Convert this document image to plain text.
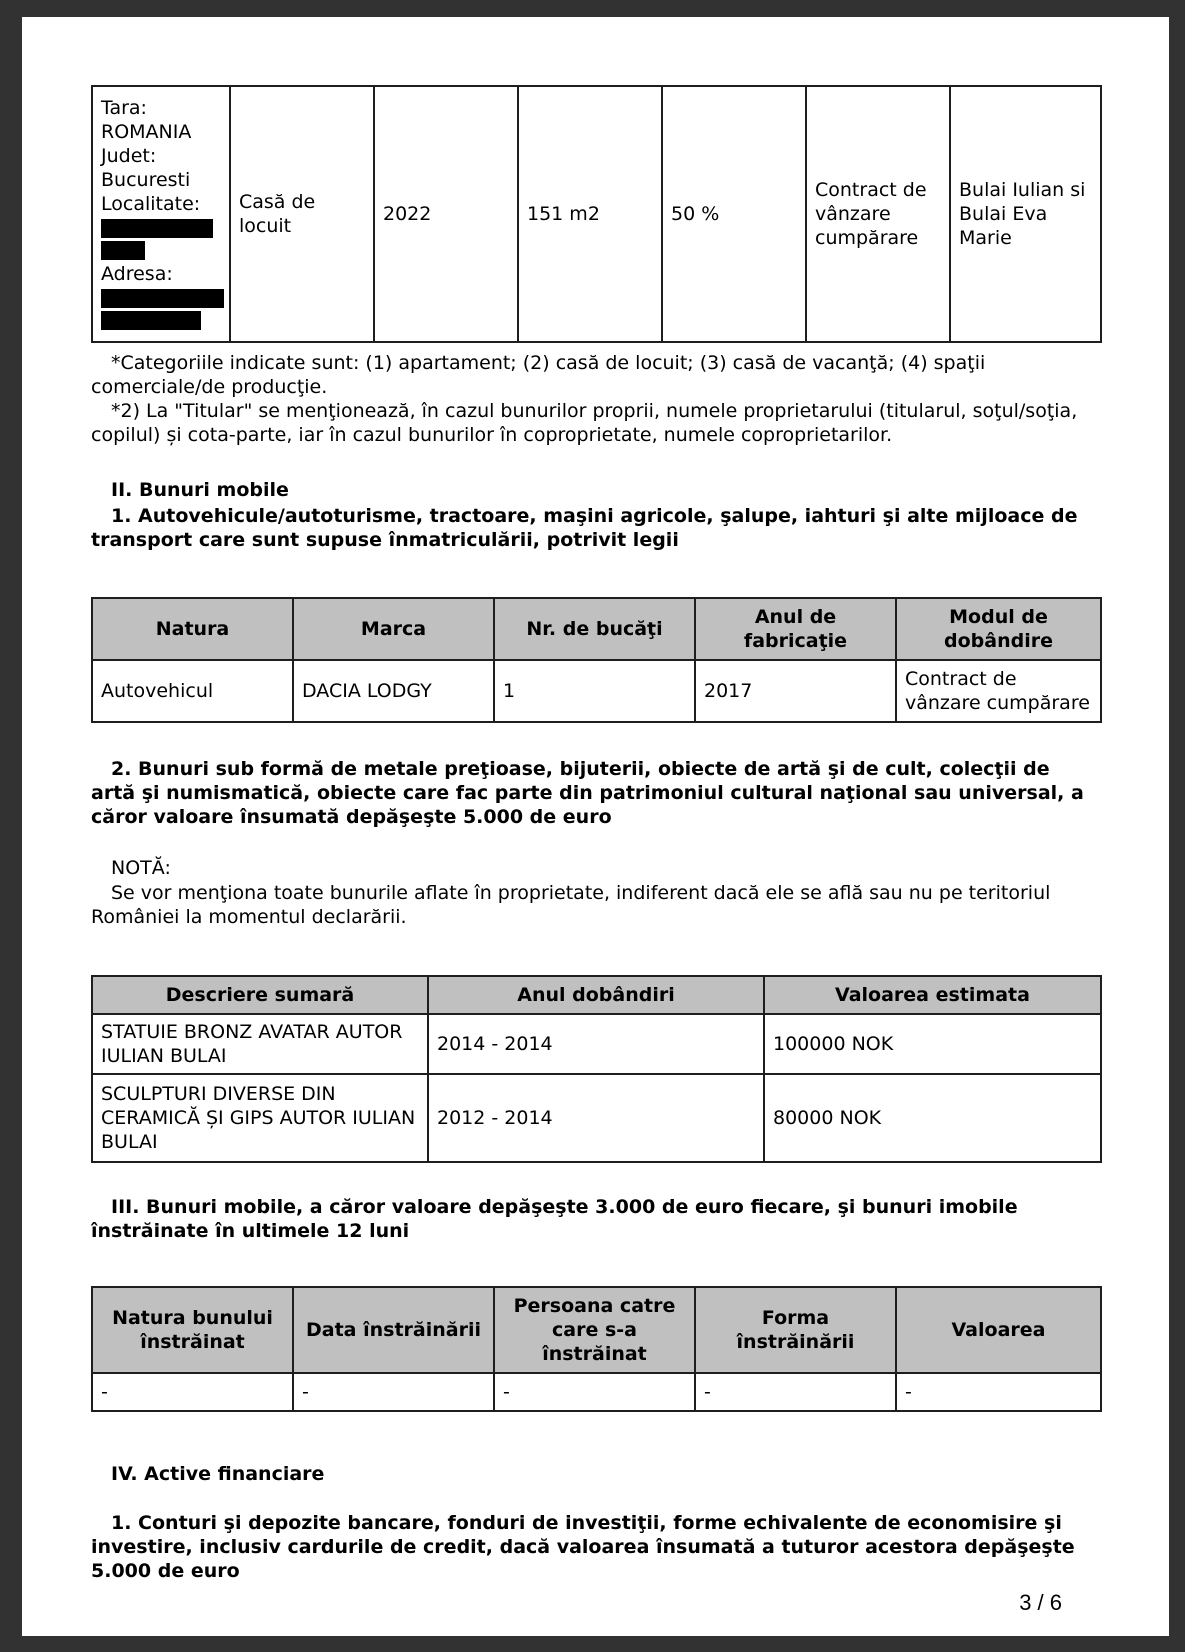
Tara:
ROMANIA
Judet:
Bucuresti
Localitate:
Adresa:
	Casă de locuit	2022	151 m2	50 %	Contract de vânzare cumpărare	Bulai Iulian si Bulai Eva Marie
*Categoriile indicate sunt: (1) apartament; (2) casă de locuit; (3) casă de vacanţă; (4) spaţii comerciale/de producţie.
*2) La "Titular" se menţionează, în cazul bunurilor proprii, numele proprietarului (titularul, soţul/soţia, copilul) și cota-parte, iar în cazul bunurilor în coproprietate, numele coproprietarilor.
II. Bunuri mobile
1. Autovehicule/autoturisme, tractoare, maşini agricole, şalupe, iahturi şi alte mijloace de transport care sunt supuse înmatriculării, potrivit legii
Natura	Marca	Nr. de bucăţi	Anul de fabricaţie	Modul de dobândire
Autovehicul	DACIA LODGY	1	2017	Contract de vânzare cumpărare
2. Bunuri sub formă de metale preţioase, bijuterii, obiecte de artă şi de cult, colecţii de artă şi numismatică, obiecte care fac parte din patrimoniul cultural naţional sau universal, a căror valoare însumată depăşeşte 5.000 de euro
NOTĂ:
Se vor menţiona toate bunurile aflate în proprietate, indiferent dacă ele se află sau nu pe teritoriul României la momentul declarării.
Descriere sumară	Anul dobândiri	Valoarea estimata
STATUIE BRONZ AVATAR AUTOR IULIAN BULAI	2014 - 2014	100000 NOK
SCULPTURI DIVERSE DIN CERAMICĂ ȘI GIPS AUTOR IULIAN BULAI	2012 - 2014	80000 NOK
III. Bunuri mobile, a căror valoare depăşeşte 3.000 de euro fiecare, şi bunuri imobile înstrăinate în ultimele 12 luni
Natura bunului înstrăinat	Data înstrăinării	Persoana catre care s-a înstrăinat	Forma înstrăinării	Valoarea
-	-	-	-	-
IV. Active financiare
1. Conturi şi depozite bancare, fonduri de investiţii, forme echivalente de economisire şi investire, inclusiv cardurile de credit, dacă valoarea însumată a tuturor acestora depăşeşte 5.000 de euro
3 / 6
